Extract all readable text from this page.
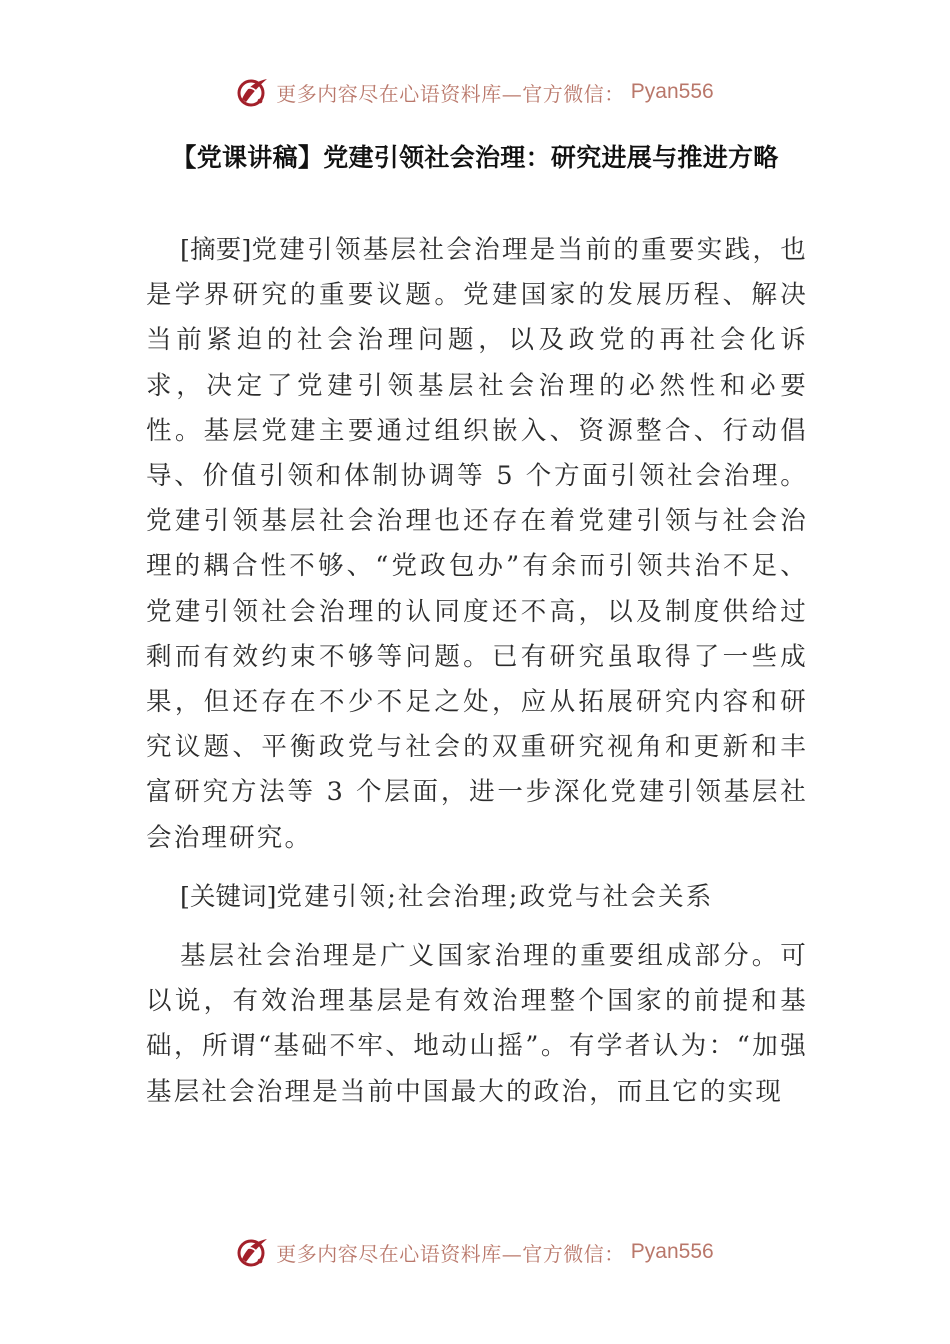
更多内容尽在心语资料库—官方微信： Pyan556
【党课讲稿】党建引领社会治理：研究进展与推进方略

[摘要]党建引领基层社会治理是当前的重要实践，也是学界研究的重要议题。党建国家的发展历程、解决当前紧迫的社会治理问题，以及政党的再社会化诉求，决定了党建引领基层社会治理的必然性和必要性。基层党建主要通过组织嵌入、资源整合、行动倡导、价值引领和体制协调等 5 个方面引领社会治理。党建引领基层社会治理也还存在着党建引领与社会治理的耦合性不够、“党政包办”有余而引领共治不足、党建引领社会治理的认同度还不高，以及制度供给过剩而有效约束不够等问题。已有研究虽取得了一些成果，但还存在不少不足之处，应从拓展研究内容和研究议题、平衡政党与社会的双重研究视角和更新和丰富研究方法等 3 个层面，进一步深化党建引领基层社会治理研究。

[关键词]党建引领;社会治理;政党与社会关系

基层社会治理是广义国家治理的重要组成部分。可以说，有效治理基层是有效治理整个国家的前提和基础，所谓“基础不牢、地动山摇”。有学者认为：“加强基层社会治理是当前中国最大的政治，而且它的实现

更多内容尽在心语资料库—官方微信： Pyan556
